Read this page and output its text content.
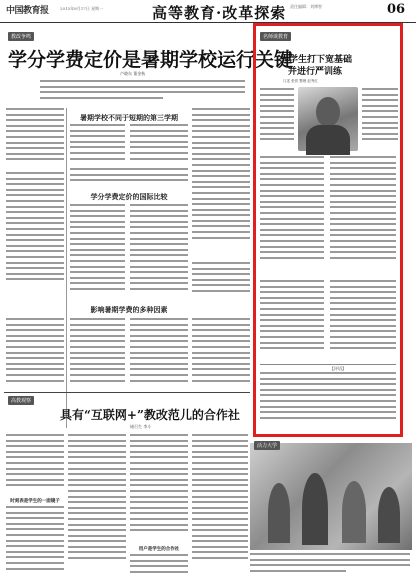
中国教育报	2015年8月17日 星期一	高等教育·改革探索 责任编辑：刘博智	06
教改争鸣
学分学费定价是暑期学校运行关键
卢晓东 董金秋
暑期学校不同于短期的第三学期
学分学费定价的国际比较
影响暑期学费的多种因素
名师谈教育
为学生打下宽基础
并进行严训练
口述 张钹 整理 赵秀红
【评语】
高教观察
具有“互联网+”教改范儿的合作社
储召生 李斗
时刻表是学生的一面镜子
用户是学生的合作社
活力大学
